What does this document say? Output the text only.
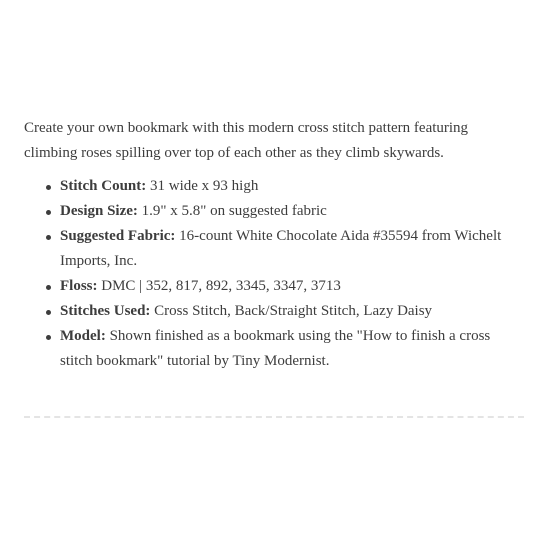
Create your own bookmark with this modern cross stitch pattern featuring climbing roses spilling over top of each other as they climb skywards.

Stitch Count: 31 wide x 93 high
Design Size: 1.9" x 5.8" on suggested fabric
Suggested Fabric: 16-count White Chocolate Aida #35594 from Wichelt Imports, Inc.
Floss: DMC | 352, 817, 892, 3345, 3347, 3713
Stitches Used: Cross Stitch, Back/Straight Stitch, Lazy Daisy
Model: Shown finished as a bookmark using the "How to finish a cross stitch bookmark" tutorial by Tiny Modernist.
